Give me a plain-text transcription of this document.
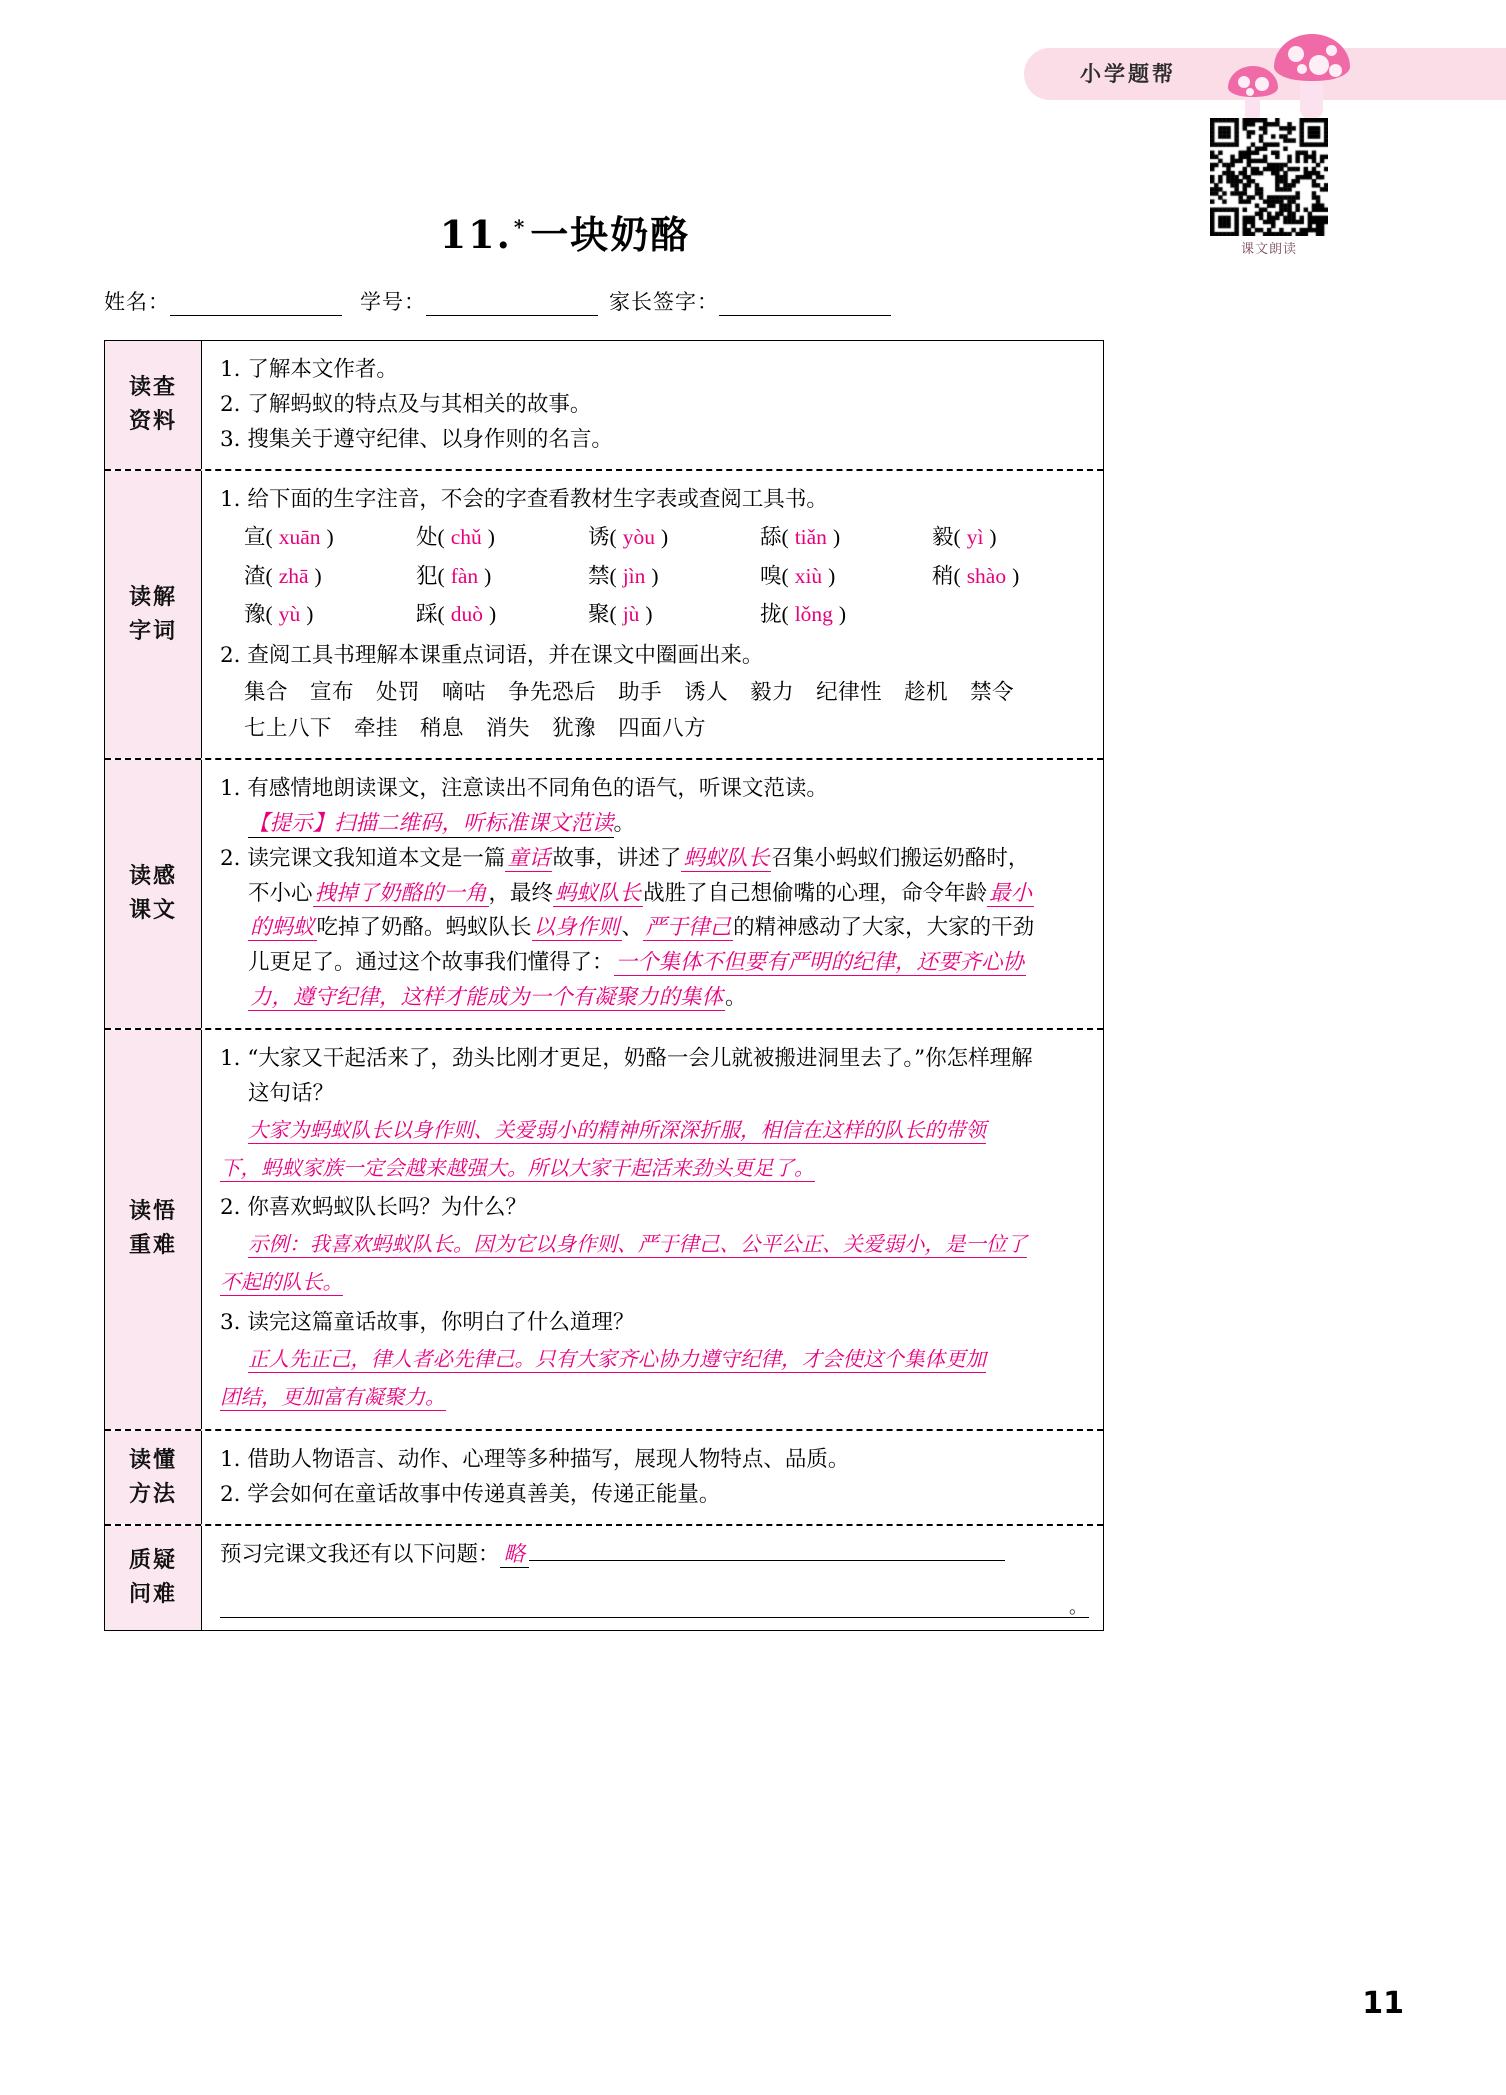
小学题帮
课文朗读
11. * 一块奶酪
姓名：	学号：	家长签字：
读查
资料
1. 了解本文作者。
2. 了解蚂蚁的特点及与其相关的故事。
3. 搜集关于遵守纪律、以身作则的名言。
读解
字词
1. 给下面的生字注音，不会的字查看教材生字表或查阅工具书。
宣( xuān )	处( chǔ )	诱( yòu )	舔( tiǎn )	毅( yì )
渣( zhā )	犯( fàn )	禁( jìn )	嗅( xiù )	稍( shào )
豫( yù )	踩( duò )	聚( jù )	拢( lǒng )
2. 查阅工具书理解本课重点词语，并在课文中圈画出来。
集合 宣布 处罚 嘀咕 争先恐后 助手 诱人 毅力 纪律性 趁机 禁令
七上八下 牵挂 稍息 消失 犹豫 四面八方
读感
课文
1. 有感情地朗读课文，注意读出不同角色的语气，听课文范读。
【提示】扫描二维码，听标准课文范读。
2. 读完课文我知道本文是一篇童话故事，讲述了蚂蚁队长召集小蚂蚁们搬运奶酪时，
不小心拽掉了奶酪的一角，最终蚂蚁队长战胜了自己想偷嘴的心理，命令年龄最小
的蚂蚁吃掉了奶酪。蚂蚁队长以身作则、严于律己的精神感动了大家，大家的干劲
儿更足了。通过这个故事我们懂得了：一个集体不但要有严明的纪律，还要齐心协
力，遵守纪律，这样才能成为一个有凝聚力的集体。
读悟
重难
1. “大家又干起活来了，劲头比刚才更足，奶酪一会儿就被搬进洞里去了。”你怎样理解
这句话？
大家为蚂蚁队长以身作则、关爱弱小的精神所深深折服，相信在这样的队长的带领
下，蚂蚁家族一定会越来越强大。所以大家干起活来劲头更足了。
2. 你喜欢蚂蚁队长吗？为什么？
示例：我喜欢蚂蚁队长。因为它以身作则、严于律己、公平公正、关爱弱小，是一位了
不起的队长。
3. 读完这篇童话故事，你明白了什么道理？
正人先正己，律人者必先律己。只有大家齐心协力遵守纪律，才会使这个集体更加
团结，更加富有凝聚力。
读懂
方法
1. 借助人物语言、动作、心理等多种描写，展现人物特点、品质。
2. 学会如何在童话故事中传递真善美，传递正能量。
质疑
问难
预习完课文我还有以下问题： 略
。
11
